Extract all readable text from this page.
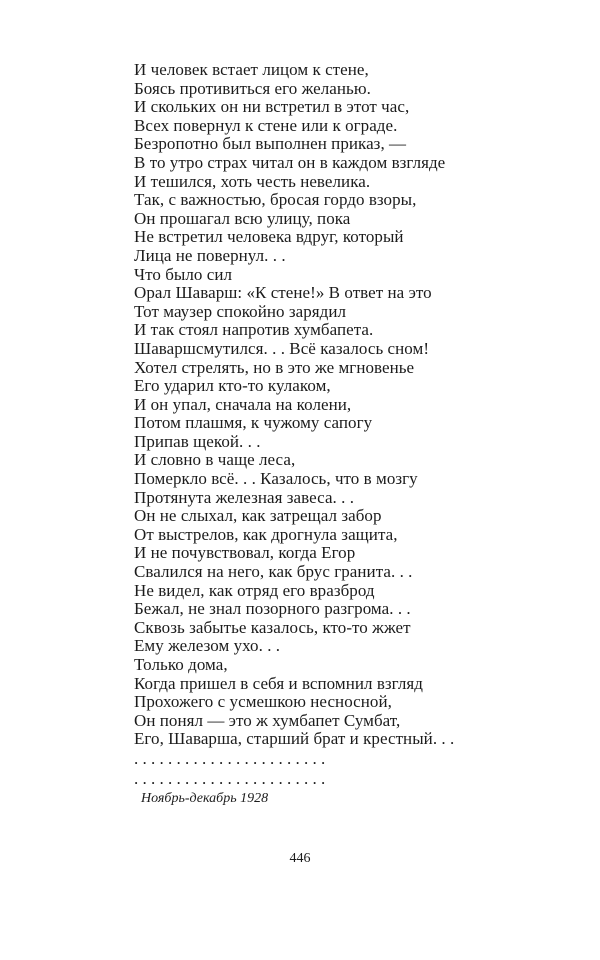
И человек встает лицом к стене,
Боясь противиться его желанью.
И скольких он ни встретил в этот час,
Всех повернул к стене или к ограде.
Безропотно был выполнен приказ, —
В то утро страх читал он в каждом взгляде
И тешился, хоть честь невелика.
Так, с важностью, бросая гордо взоры,
Он прошагал всю улицу, пока
Не встретил человека вдруг, который
Лица не повернул. . .
Что было сил
Орал Шаварш: «К стене!» В ответ на это
Тот маузер спокойно зарядил
И так стоял напротив хумбапета.
Шаваршсмутился. . . Всё казалось сном!
Хотел стрелять, но в это же мгновенье
Его ударил кто-то кулаком,
И он упал, сначала на колени,
Потом плашмя, к чужому сапогу
Припав щекой. . .
И словно в чаще леса,
Померкло всё. . . Казалось, что в мозгу
Протянута железная завеса. . .
Он не слыхал, как затрещал забор
От выстрелов, как дрогнула защита,
И не почувствовал, когда Егор
Свалился на него, как брус гранита. . .
Не видел, как отряд его вразброд
Бежал, не знал позорного разгрома. . .
Сквозь забытье казалось, кто-то жжет
Ему железом ухо. . .
Только дома,
Когда пришел в себя и вспомнил взгляд
Прохожего с усмешкою несносной,
Он понял — это ж хумбапет Сумбат,
Его, Шаварша, старший брат и крестный. . .
. . . . . . . . . . . . . . . . . . . . . . .
. . . . . . . . . . . . . . . . . . . . . . .
Ноябрь-декабрь 1928
446
